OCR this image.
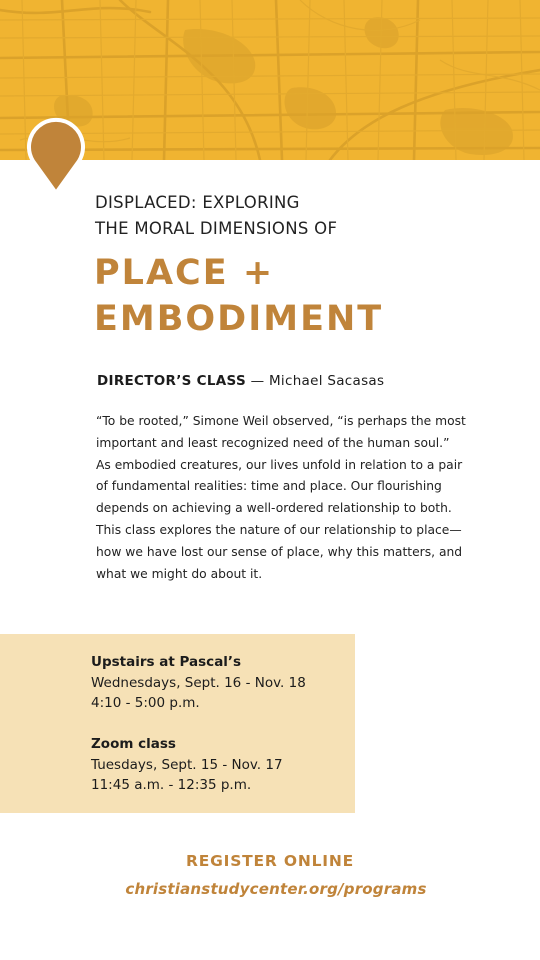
DISPLACED: EXPLORING
THE MORAL DIMENSIONS OF
PLACE +
EMBODIMENT
DIRECTOR’S CLASS — Michael Sacasas

“To be rooted,” Simone Weil observed, “is perhaps the most important and least recognized need of the human soul.” As embodied creatures, our lives unfold in relation to a pair of fundamental realities: time and place. Our flourishing depends on achieving a well-ordered relationship to both. This class explores the nature of our relationship to place—how we have lost our sense of place, why this matters, and what we might do about it.

Upstairs at Pascal’s
Wednesdays, Sept. 16 - Nov. 18
4:10 - 5:00 p.m.
Zoom class
Tuesdays, Sept. 15 - Nov. 17
11:45 a.m. - 12:35 p.m.
REGISTER ONLINE
christianstudycenter.org/programs
